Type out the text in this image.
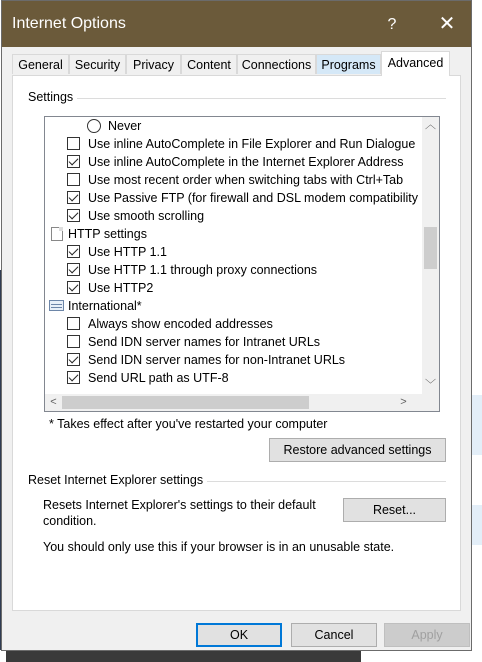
Internet Options	?	✕
General Security	Privacy	Content Connections Programs Advanced
Settings
Never
Use inline AutoComplete in File Explorer and Run Dialogue
Use inline AutoComplete in the Internet Explorer Address
Use most recent order when switching tabs with Ctrl+Tab
Use Passive FTP (for firewall and DSL modem compatibility
Use smooth scrolling
HTTP settings
Use HTTP 1.1
Use HTTP 1.1 through proxy connections
Use HTTP2
International*
Always show encoded addresses
Send IDN server names for Intranet URLs
Send IDN server names for non-Intranet URLs
Send URL path as UTF-8
︿
﹀
<	>
* Takes effect after you've restarted your computer
Restore advanced settings
Reset Internet Explorer settings
Resets Internet Explorer's settings to their default
condition.
Reset...
You should only use this if your browser is in an unusable state.
OK	Cancel	Apply
